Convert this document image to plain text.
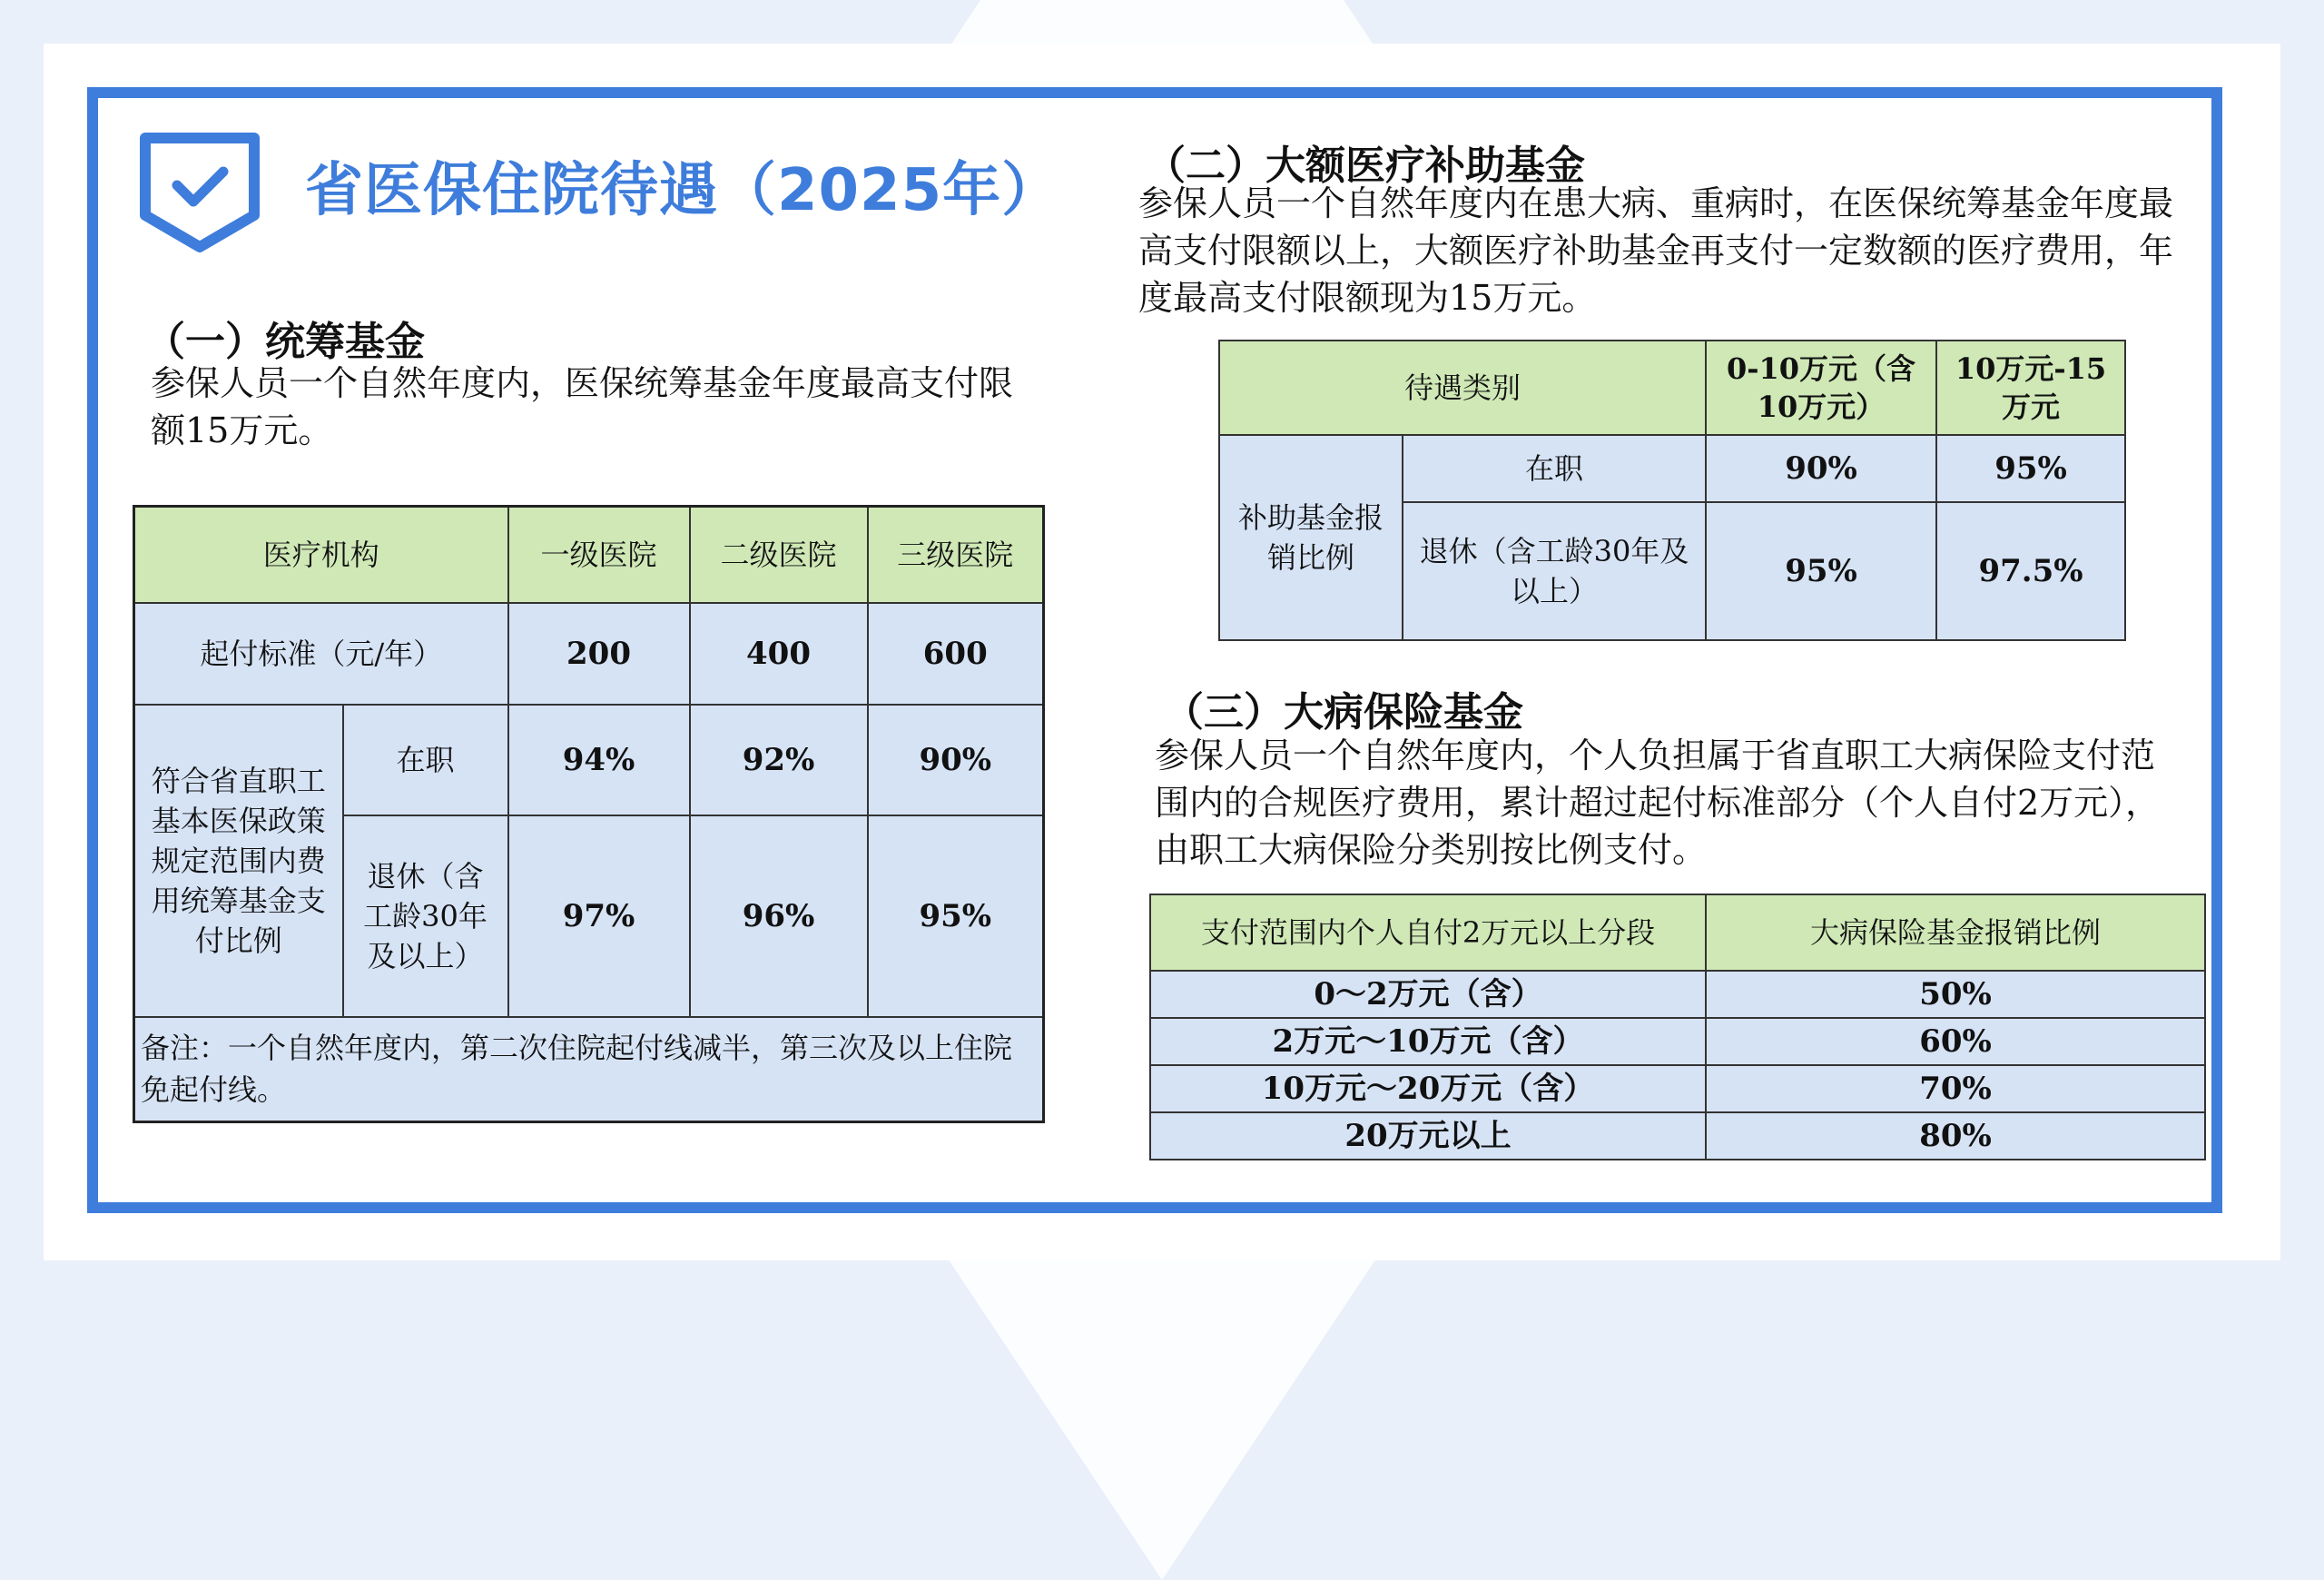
省医保住院待遇（2025年）
（一）统筹基金
参保人员一个自然年度内，医保统筹基金年度最高支付限额15万元。
医疗机构		一级医院	二级医院	三级医院
起付标准（元/年）		200	400	600
符合省直职工基本医保政策规定范围内费用统筹基金支付比例	在职	94%	92%	90%
	退休（含工龄30年及以上）	97%	96%	95%
备注：一个自然年度内，第二次住院起付线减半，第三次及以上住院免起付线。				
（二）大额医疗补助基金
参保人员一个自然年度内在患大病、重病时，在医保统筹基金年度最高支付限额以上，大额医疗补助基金再支付一定数额的医疗费用，年度最高支付限额现为15万元。
待遇类别		0-10万元（含10万元）	10万元-15万元
补助基金报销比例	在职	90%	95%
	退休（含工龄30年及以上）	95%	97.5%
（三）大病保险基金
参保人员一个自然年度内，个人负担属于省直职工大病保险支付范围内的合规医疗费用，累计超过起付标准部分（个人自付2万元），由职工大病保险分类别按比例支付。
支付范围内个人自付2万元以上分段	大病保险基金报销比例
0～2万元（含）	50%
2万元～10万元（含）	60%
10万元～20万元（含）	70%
20万元以上	80%
